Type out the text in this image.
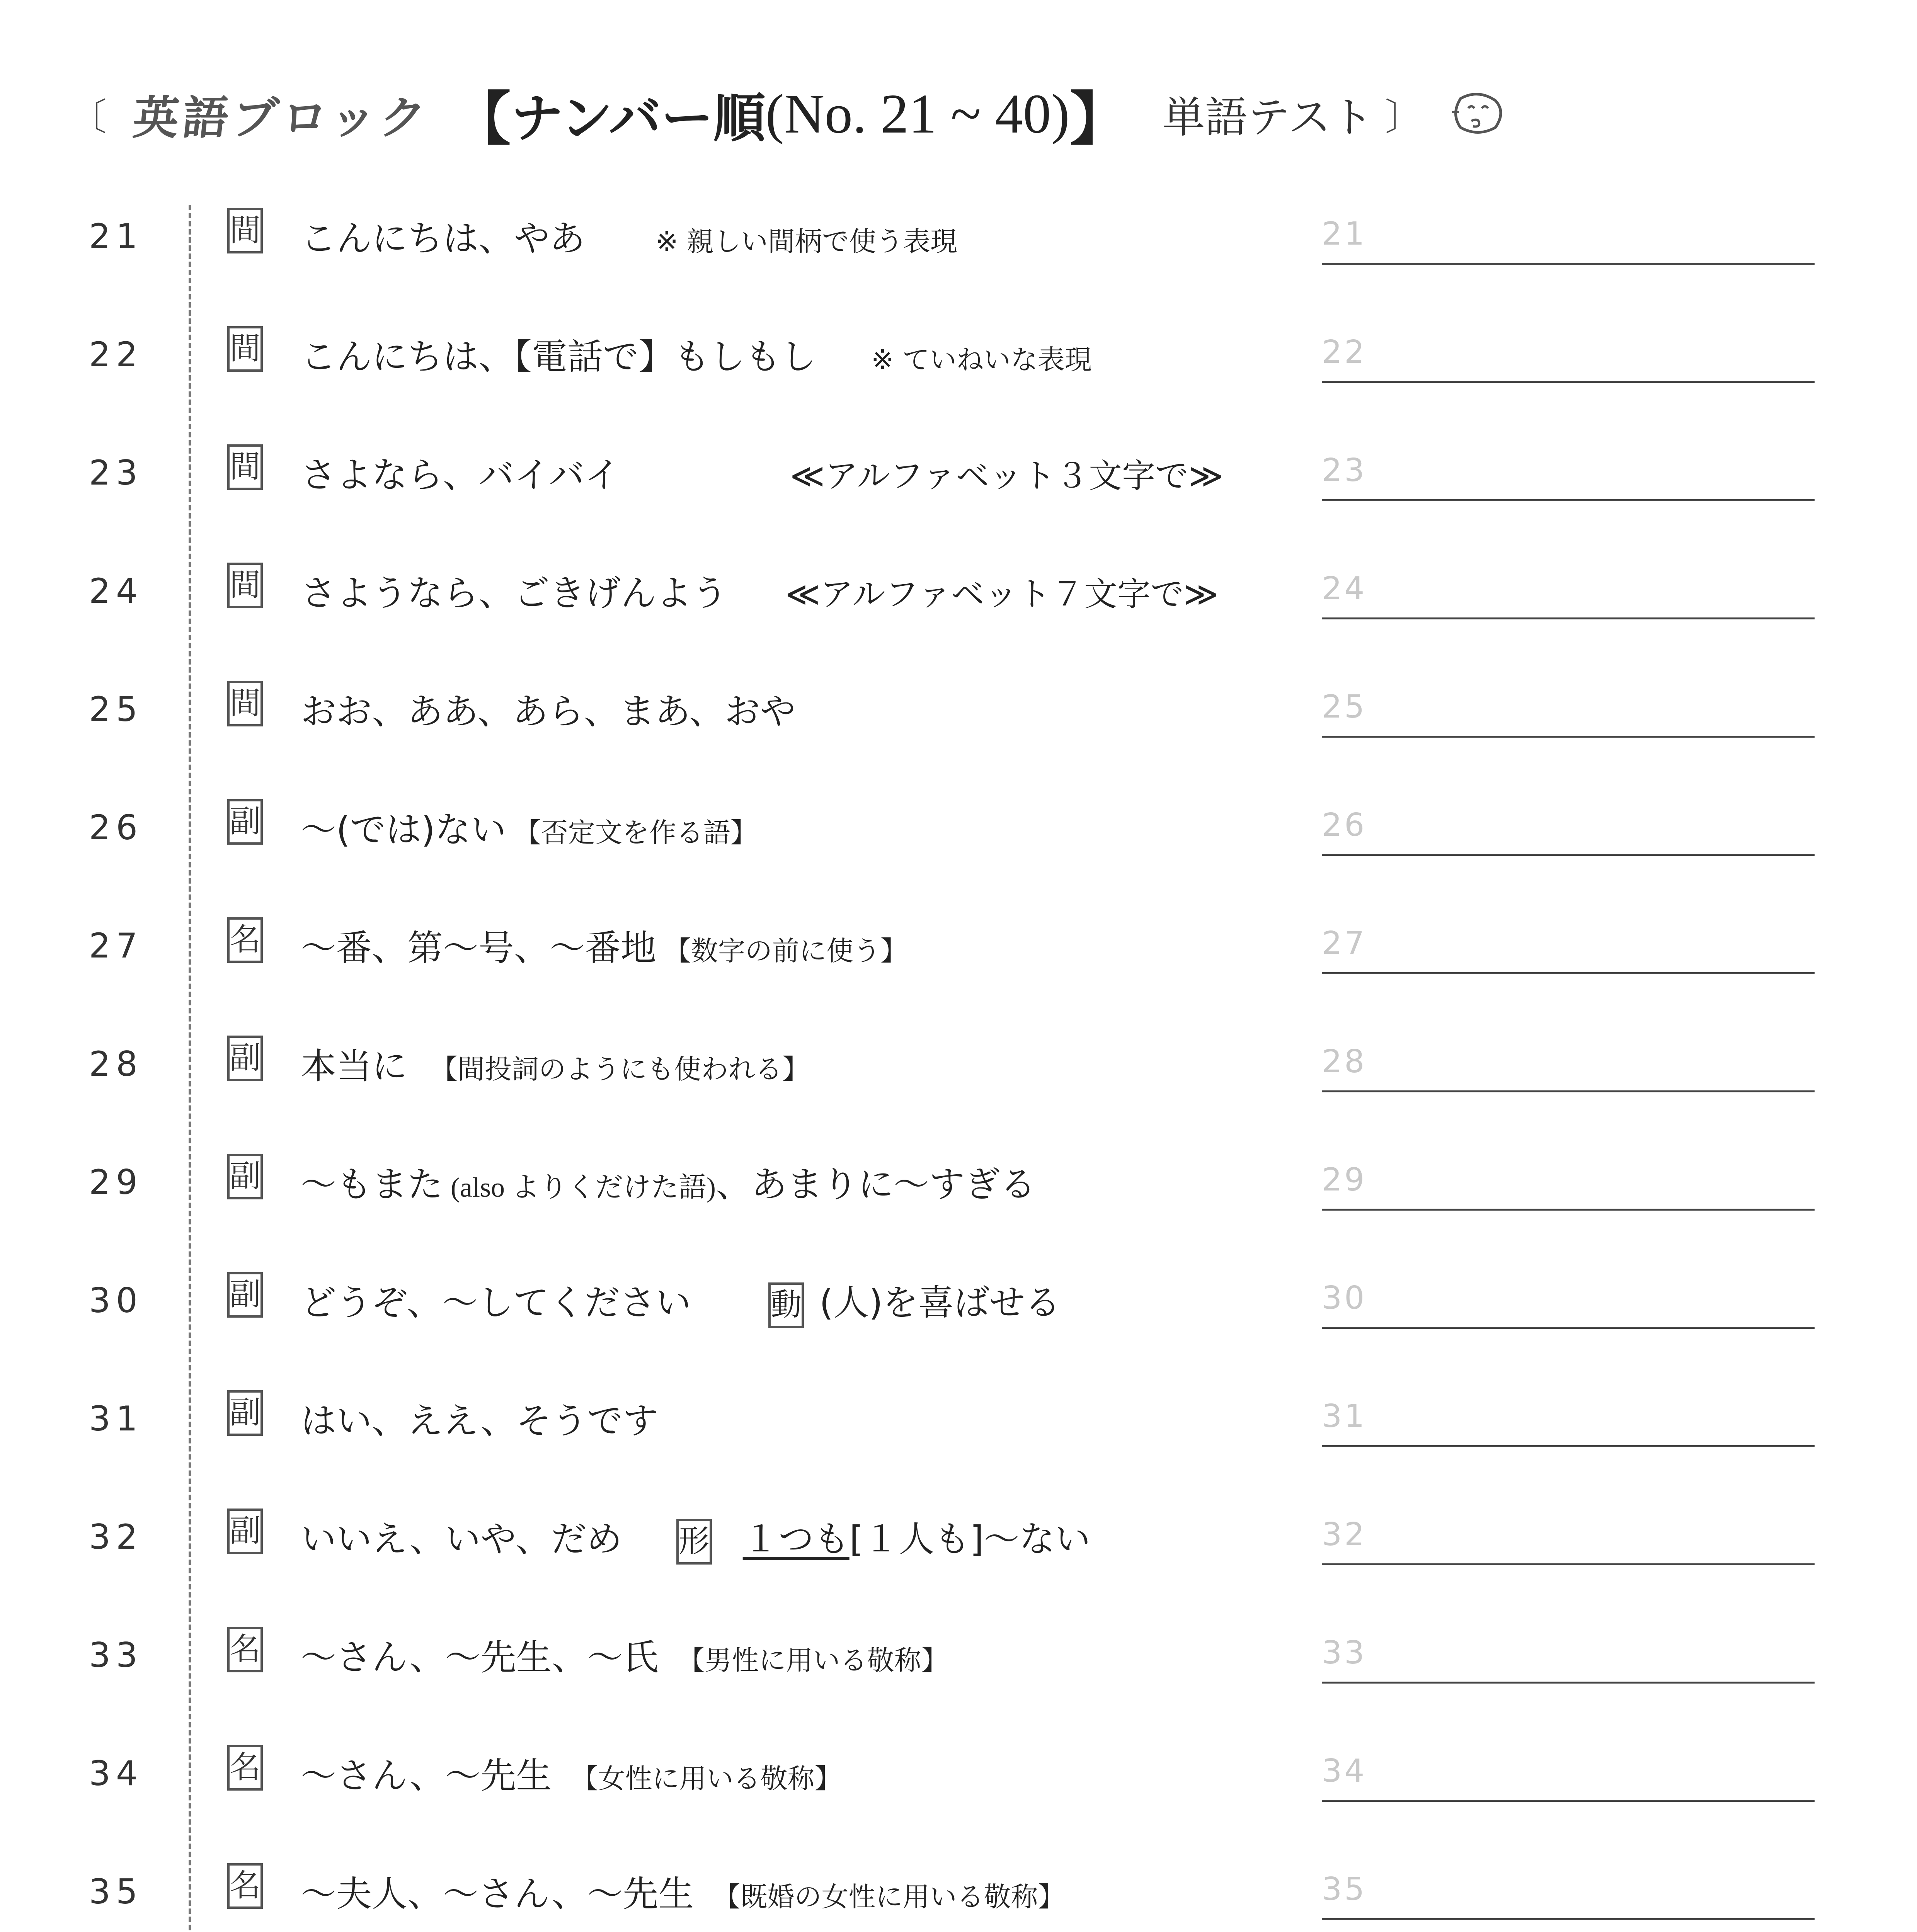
〔 英語ブロック 【 ナンバー順 (No. 21 ~ 40) 】 単語テスト 〕
21	間 こんにちは、やあ　	※ 親しい間柄で使う表現	21
22	間 こんにちは、【電話で】もしもし　 ※ ていねいな表現	22
23	間 さよなら、バイバイ	≪アルファベット３文字で≫	23
24	間 さようなら、ごきげんよう ≪アルファベット７文字で≫	24
25	間 おお、ああ、あら、まあ、おや	25
26	副 ～(では)ない 【否定文を作る語】	26
27	名 ～番、第～号、～番地 【数字の前に使う】	27
28	副 本当に 【間投詞のようにも使われる】	28
29	副 ～もまた (also よりくだけた語)、あまりに～すぎる	29
30	副 どうぞ、～してください	動 (人)を喜ばせる	30
31	副 はい、ええ、そうです	31
32	副 いいえ、いや、だめ 形 １つも[１人も]～ない	32
33	名 ～さん、～先生、～氏 【男性に用いる敬称】	33
34	名 ～さん、～先生 【女性に用いる敬称】	34
35	名 ～夫人、～さん、～先生 【既婚の女性に用いる敬称】	35
